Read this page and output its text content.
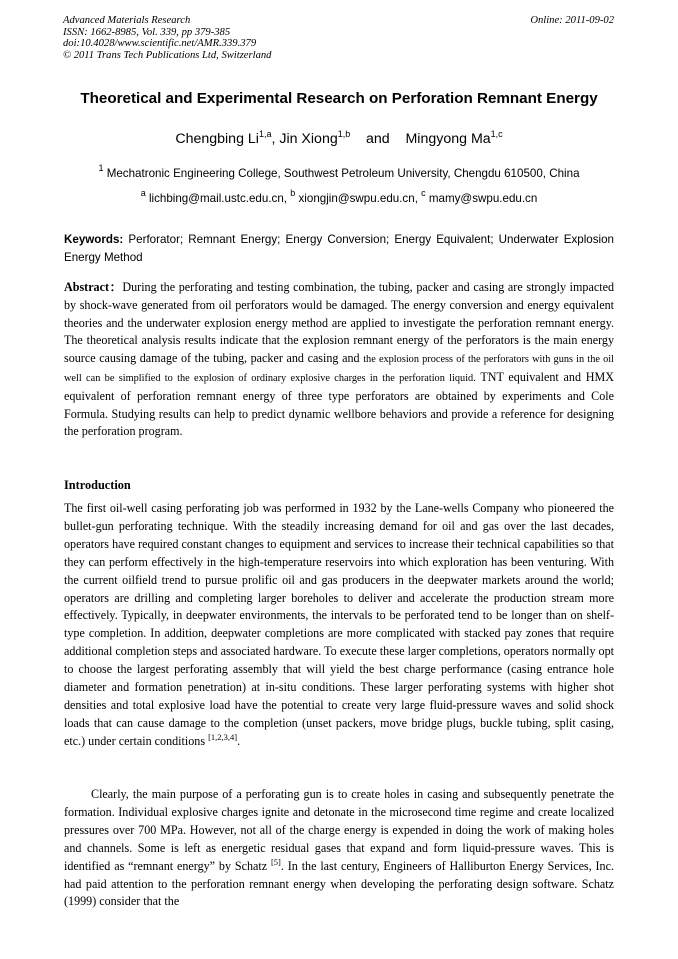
Advanced Materials Research
ISSN: 1662-8985, Vol. 339, pp 379-385
doi:10.4028/www.scientific.net/AMR.339.379
© 2011 Trans Tech Publications Ltd, Switzerland
Online: 2011-09-02
Theoretical and Experimental Research on Perforation Remnant Energy
Chengbing Li$^{1,a}$, Jin Xiong$^{1,b}$ and Mingyong Ma$^{1,c}$
$^1$ Mechatronic Engineering College, Southwest Petroleum University, Chengdu 610500, China
$^a$ lichbing@mail.ustc.edu.cn, $^b$ xiongjin@swpu.edu.cn, $^c$ mamy@swpu.edu.cn
Keywords: Perforator; Remnant Energy; Energy Conversion; Energy Equivalent; Underwater Explosion Energy Method
Abstract：During the perforating and testing combination, the tubing, packer and casing are strongly impacted by shock-wave generated from oil perforators would be damaged. The energy conversion and energy equivalent theories and the underwater explosion energy method are applied to investigate the perforation remnant energy. The theoretical analysis results indicate that the explosion remnant energy of the perforators is the main energy source causing damage of the tubing, packer and casing and the explosion process of the perforators with guns in the oil well can be simplified to the explosion of ordinary explosive charges in the perforation liquid. TNT equivalent and HMX equivalent of perforation remnant energy of three type perforators are obtained by experiments and Cole Formula. Studying results can help to predict dynamic wellbore behaviors and provide a reference for designing the perforation program.
Introduction
The first oil-well casing perforating job was performed in 1932 by the Lane-wells Company who pioneered the bullet-gun perforating technique. With the steadily increasing demand for oil and gas over the last decades, operators have required constant changes to equipment and services to increase their technical capabilities so that they can perform effectively in the high-temperature reservoirs into which exploration has been venturing. With the current oilfield trend to pursue prolific oil and gas producers in the deepwater markets around the world; operators are drilling and completing larger boreholes to deliver and accelerate the production stream more effectively. Typically, in deepwater environments, the intervals to be perforated tend to be longer than on shelf-type completion. In addition, deepwater completions are more complicated with stacked pay zones that require additional completion steps and associated hardware. To execute these larger completions, operators normally opt to choose the largest perforating assembly that will yield the best charge performance (casing entrance hole diameter and formation penetration) at in-situ conditions. These larger perforating systems with higher shot densities and total explosive load have the potential to create very large fluid-pressure waves and solid shock loads that can cause damage to the completion (unset packers, move bridge plugs, buckle tubing, split casing, etc.) under certain conditions [1,2,3,4].
Clearly, the main purpose of a perforating gun is to create holes in casing and subsequently penetrate the formation. Individual explosive charges ignite and detonate in the microsecond time regime and create localized pressures over 700 MPa. However, not all of the charge energy is expended in doing the work of making holes and channels. Some is left as energetic residual gases that expand and form liquid-pressure waves. This is identified as “remnant energy” by Schatz [5]. In the last century, Engineers of Halliburton Energy Services, Inc. had paid attention to the perforation remnant energy when developing the perforating design software. Schatz (1999) consider that the
